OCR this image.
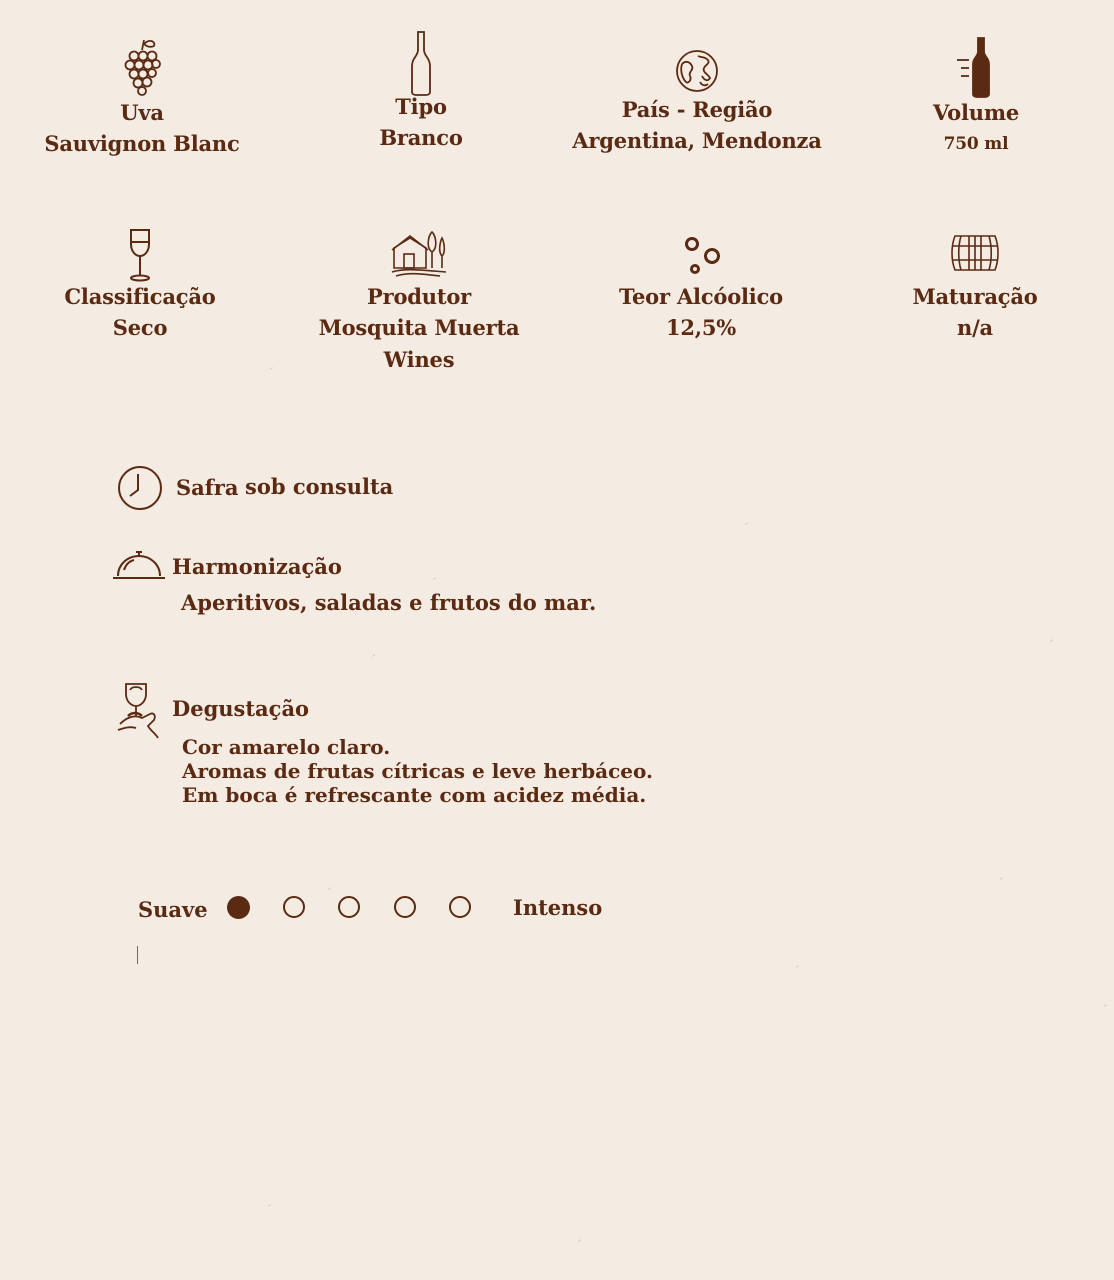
Uva
Sauvignon Blanc
Tipo
Branco
País - Região
Argentina, Mendonza
Volume
750 ml
Classificação
Seco
Produtor
Mosquita Muerta Wines
Teor Alcóolico
12,5%
Maturação
n/a
Safra sob consulta
Harmonização
Aperitivos, saladas e frutos do mar.
Degustação
Cor amarelo claro.
Aromas de frutas cítricas e leve herbáceo.
Em boca é refrescante com acidez média.
Suave	Intenso
